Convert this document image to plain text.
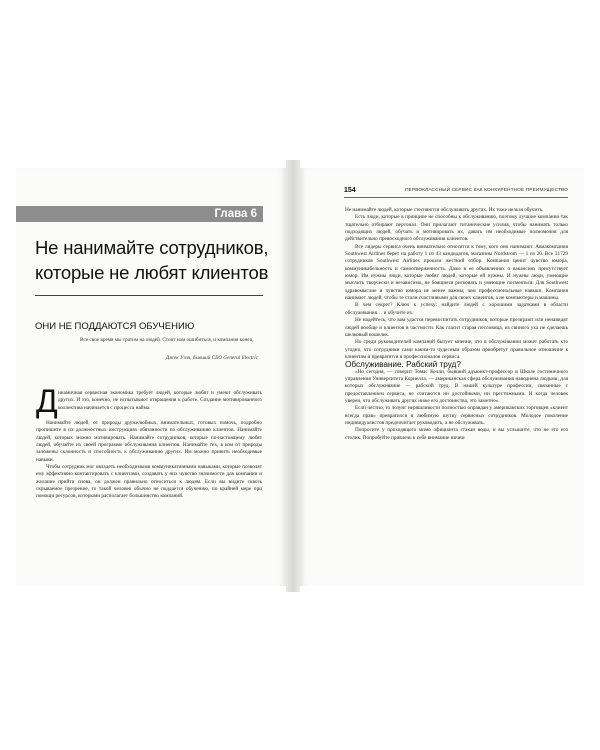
Глава 6
Не нанимайте сотрудников,
которые не любят клиентов
ОНИ НЕ ПОДДАЮТСЯ ОБУЧЕНИЮ
Все свое время мы тратим на людей. Стоит нам ошибиться, и компания конец.
Джек Уэлч, бывший CEO General Electric
Д инамичная сервисная экономика требует людей, которые любят и умеют обслуживать других. И это, конечно, не испытывают отвращения к работе. Создание мотивированного коллектива начинается с процесса найма.

Нанимайте людей, от природы дружелюбных, внимательных, готовых помочь, подробно пропишите в их должностных инструкциях обязанности по обслуживанию клиентов. Нанимайте людей, которых можно мотивировать. Нанимайте сотрудников, которые по-настоящему любят людей, обучайте их своей программе обслуживания клиентов. Нанимайте тех, в ком от природы заложены склонность и способность к обслуживанию других. Им можно привить необходимые навыки.

Чтобы сотрудник мог овладеть необходимыми коммуникативными навыками, которые позволят ему эффективно контактировать с клиентами, создавать у них чувство значимости для компании и желание прийти снова, он должен правильно относиться к людям. Если вы видите сквозь скрываемое презрение, то такой человек обычно не поддается обучению, по крайней мере при помощи ресурсов, которыми располагает большинство компаний.

154	ПЕРВОКЛАССНЫЙ СЕРВИС КАК КОНКУРЕНТНОЕ ПРЕИМУЩЕСТВО

Не нанимайте людей, которые стесняются обслуживать других. Их тоже нельзя обучить.

Есть люди, которые в принципе не способны к обслуживанию, поэтому лучшие компании так тщательно отбирают персонал. Они прилагают титанические усилия, чтобы нанимать только подходящих людей, обучать и мотивировать их, давать им необходимые полномочия для действительно превосходного обслуживания клиентов.

Все лидеры сервиса очень внимательно относятся к тому, кого они нанимают. Авиакомпания Southwest Airlines берет на работу 1 из 43 кандидатов, магазины Nordstrom — 1 из 20. Все 31729 сотрудников Southwest Airlines прошли жесткий отбор. Компания ценит чувство юмора, коммуникабельность и самоотверженность. Даже в ее объявлениях о вакансиях присутствует юмор. Им нужны люди, которые любят людей, которые ей нужны. И нужны люди, умеющие мыслить творчески и независимо, не боящиеся рисковать и умеющие посмеяться. Для Southwest здравомыслие и чувство юмора не менее важны, чем профессиональные навыки. Компания нанимает людей, чтобы те стали счастливыми для своих клиентов, а не компьютеры и машины.

В чем секрет? Ключ к успеху: найдите людей с хорошими задатками в области обслуживания… и обучите их.

Не надейтесь, что вам удастся перевоспитать сотрудников, которые презирают или ненавидят людей вообще и клиентов в частности. Как гласит старая пословица, из свиного уха не сделаешь шелковый кошелек.

Но среди руководителей компаний бытует мнение, что в обслуживании может работать кто угодно, что сотрудники сами каким-то чудесным образом приобретут правильное отношение к клиентам и превратятся в профессионалов сервиса.

Обслуживание. Рабский труд?

«Но сегодня, — говорит Томас Келли, бывший адъюнкт-профессор в Школе гостиничного управления Университета Корнелла, — американская сфера обслуживания наводнена людьми, для которых обслуживание — рабский труд. В нашей культуре профессии, связанные с предоставлением сервиса, не считаются ни достойными, ни престижными. И когда человек уверен, что обслуживать других ниже его достоинства, это заметно».

Если честно, то лозунг неряшливости полностью оправдан у американских торговцев «клиент всегда прав» превратился в любимую шутку сервисных сотрудников. Молодое поколение индивидуалистов предпочитает руководить, а не обслуживать.

Попросите у проходящего мимо официанта стакан воды, и вы услышите, что не это его столик. Попробуйте привлечь к себе внимание ничем
